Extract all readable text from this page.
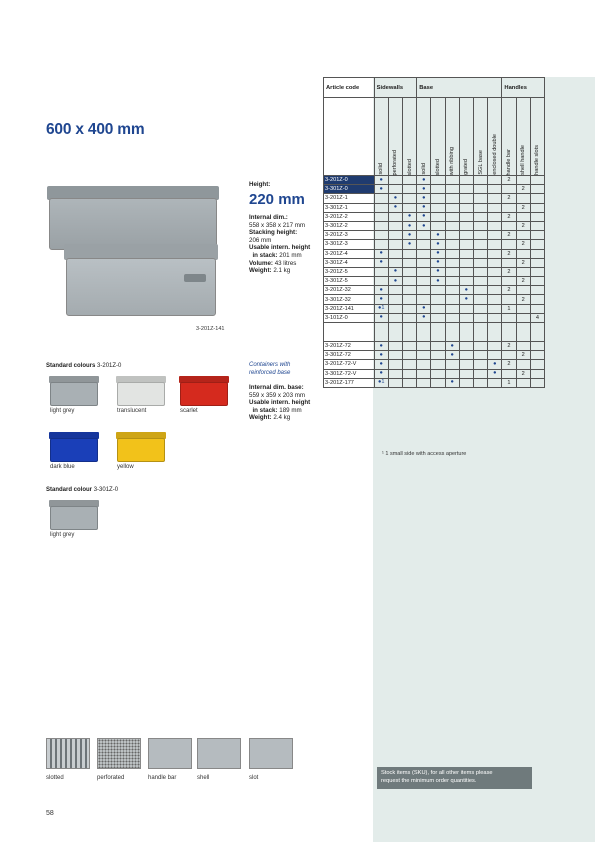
600 x 400 mm
3-201Z-141
Height:
220 mm
Internal dim.:
558 x 358 x 217 mm
Stacking height:
206 mm
Usable intern. height
in stack: 201 mm
Volume: 43 litres
Weight: 2.1 kg
Containers with
reinforced base
Internal dim. base:
559 x 359 x 203 mm
Usable intern. height
in stack: 189 mm
Weight: 2.4 kg
Article code	Sidewalls			Base						Handles		

	solid	perforated	slotted	solid	slotted	with ribbing	grated	SGL base	enclosed double	handle bar	shell handle	handle slots

3-201Z-0	●			●						2		
3-301Z-0	●			●							2	
3-201Z-1		●		●						2		
3-301Z-1		●		●							2	
3-201Z-2			●	●						2		
3-301Z-2			●	●							2	
3-201Z-3			●		●					2		
3-301Z-3			●		●						2	
3-201Z-4	●				●					2		
3-301Z-4	●				●						2	
3-201Z-5		●			●					2		
3-301Z-5		●			●						2	
3-201Z-32	●						●			2		
3-301Z-32	●						●				2	
3-201Z-141	●1			●						1		
3-101Z-0	●			●								4

3-201Z-72	●					●				2		
3-301Z-72	●					●					2	
3-201Z-72-V	●								●	2		
3-301Z-72-V	●								●		2	
3-201Z-177	●1					●				1		
¹ 1 small side with access aperture
Standard colours 3-201Z-0
light grey	translucent	scarlet
dark blue	yellow
Standard colour 3-301Z-0
light grey
slotted	perforated	handle bar	shell	slot
Stock items (SKU), for all other items please
request the minimum order quantities.
58
